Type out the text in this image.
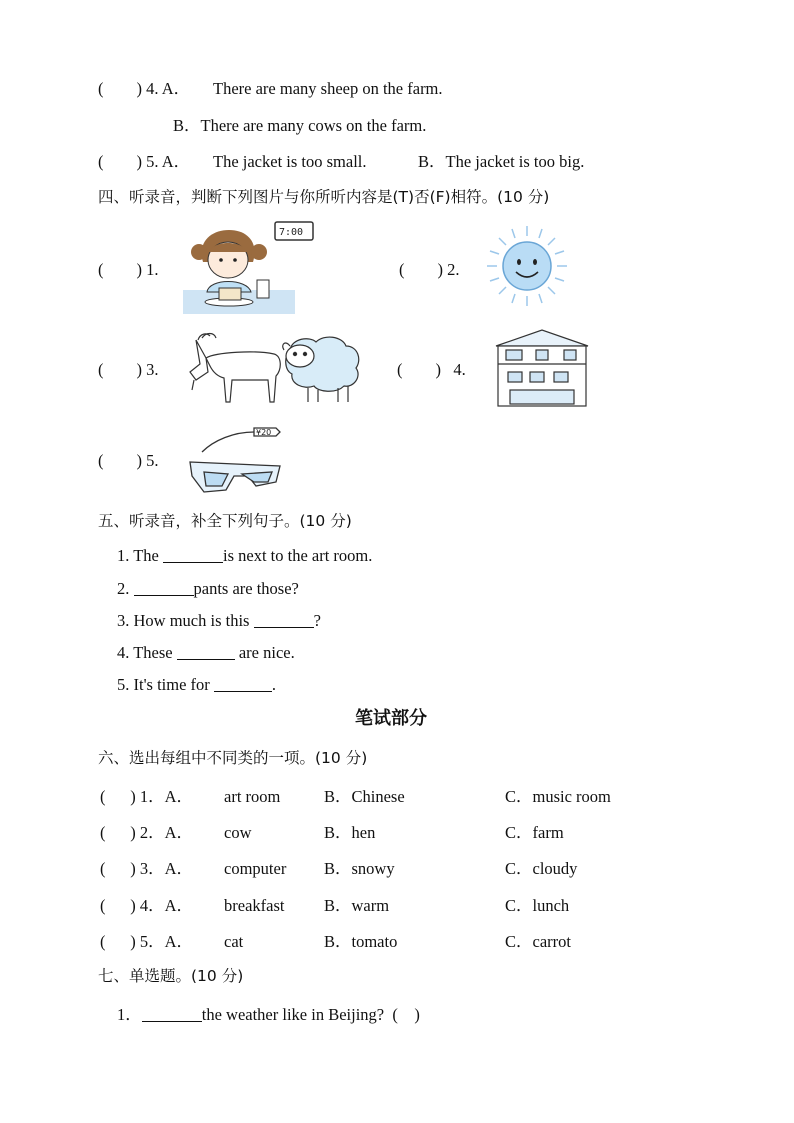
(        ) 4. A． There are many sheep on the farm.
B．There are many cows on the farm.
(        ) 5. A． The jacket is too small.	B．The jacket is too big.
四、听录音，判断下列图片与你所听内容是(T)否(F)相符。(10 分)
(        ) 1.
7:00
(        ) 2.
(        ) 3.	(        )   4.
(        ) 5.
¥20
五、听录音，补全下列句子。(10 分)
1. The	is next to the art room.
2.	pants are those?
3. How much is this	?
4. These	are nice.
5. It's time for	.
笔试部分
六、选出每组中不同类的一项。(10 分)
(      ) 1．A． art room	B．Chinese	C．music room
(      ) 2．A． cow	B．hen	C．farm
(      ) 3．A． computer B．snowy	C．cloudy
(      ) 4．A． breakfast B．warm	C．lunch
(      ) 5．A． cat	B．tomato	C．carrot
七、单选题。(10 分)
1．	the weather like in Beijing?  (    )
